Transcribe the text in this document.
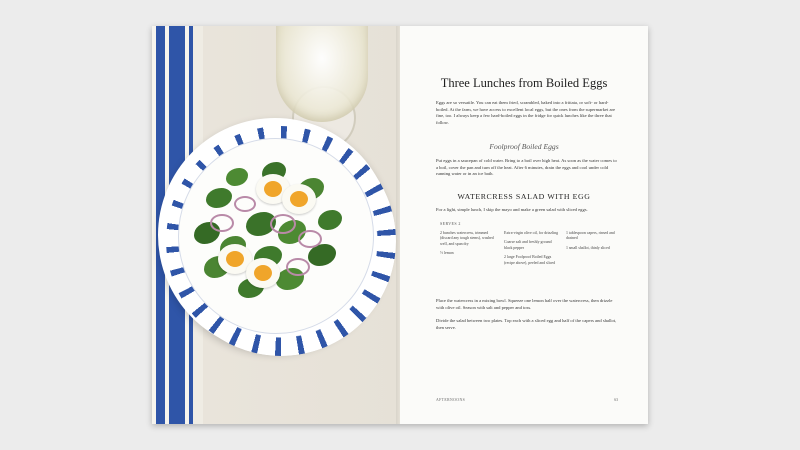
Three Lunches from Boiled Eggs
Eggs are so versatile. You can eat them fried, scrambled, baked into a frittata, or soft- or hard-boiled. At the farm, we have access to excellent local eggs, but the ones from the supermarket are fine, too. I always keep a few hard-boiled eggs in the fridge for quick lunches like the three that follow.
Foolproof Boiled Eggs
Put eggs in a saucepan of cold water. Bring to a boil over high heat. As soon as the water comes to a boil, cover the pan and turn off the heat. After 6 minutes, drain the eggs and cool under cold running water or in an ice bath.
WATERCRESS SALAD WITH EGG
For a light, simple lunch, I skip the mayo and make a green salad with sliced eggs.
SERVES 2

2 bunches watercress, trimmed (discard any tough stems), washed well, and spun dry

½ lemon

Extra-virgin olive oil, for drizzling

Coarse salt and freshly ground black pepper

2 large Foolproof Boiled Eggs (recipe above), peeled and sliced

1 tablespoon capers, rinsed and drained

1 small shallot, thinly sliced

Place the watercress in a mixing bowl. Squeeze one lemon half over the watercress, then drizzle with olive oil. Season with salt and pepper and toss.
Divide the salad between two plates. Top each with a sliced egg and half of the capers and shallot, then serve.
AFTERNOONS	63
